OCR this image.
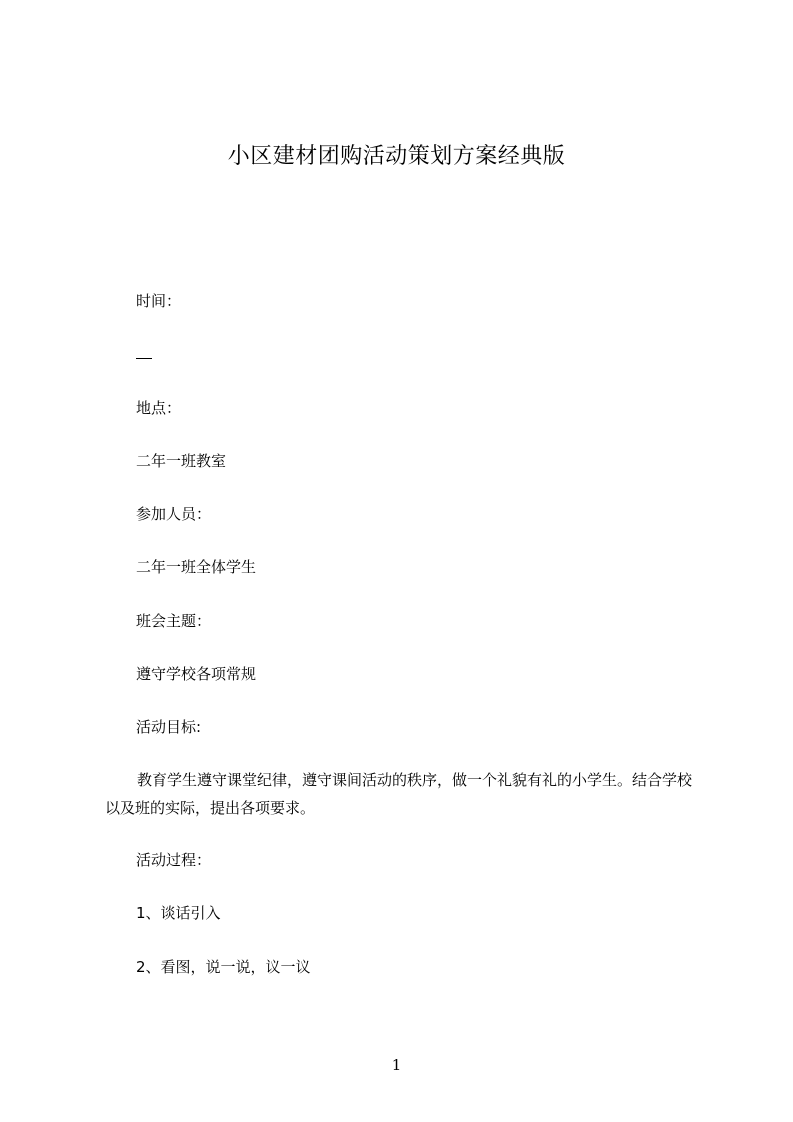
小区建材团购活动策划方案经典版
时间：
地点：
二年一班教室
参加人员：
二年一班全体学生
班会主题：
遵守学校各项常规
活动目标:
教育学生遵守课堂纪律，遵守课间活动的秩序，做一个礼貌有礼的小学生。结合学校以及班的实际，提出各项要求。
活动过程：
1、谈话引入
2、看图，说一说，议一议
1
